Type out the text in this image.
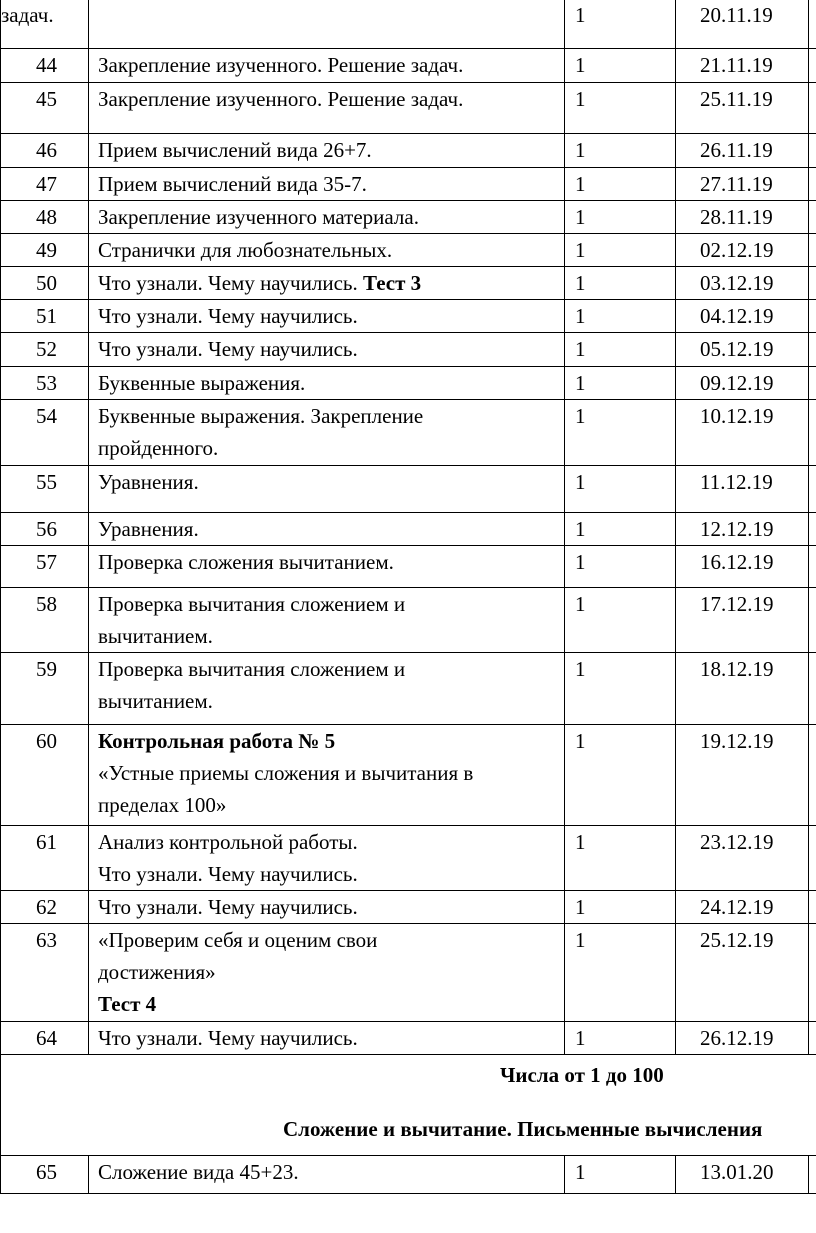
задач.		1	20.11.19	
44	Закрепление изученного. Решение задач.	1	21.11.19	
45	Закрепление изученного. Решение задач.	1	25.11.19	
46	Прием вычислений вида 26+7.	1	26.11.19	
47	Прием вычислений вида 35-7.	1	27.11.19	
48	Закрепление изученного материала.	1	28.11.19	
49	Странички для любознательных.	1	02.12.19	
50	Что узнали. Чему научились. Тест 3	1	03.12.19	
51	Что узнали. Чему научились.	1	04.12.19	
52	Что узнали. Чему научились.	1	05.12.19	
53	Буквенные выражения.	1	09.12.19	
54	Буквенные выражения. Закрепление
пройденного.	1	10.12.19	
55	Уравнения.	1	11.12.19	
56	Уравнения.	1	12.12.19	
57	Проверка сложения вычитанием.	1	16.12.19	
58	Проверка вычитания сложением и
вычитанием.	1	17.12.19	
59	Проверка вычитания сложением и
вычитанием.	1	18.12.19	
60	Контрольная работа № 5
«Устные приемы сложения и вычитания в
пределах 100»	1	19.12.19	
61	Анализ контрольной работы.
Что узнали. Чему научились.	1	23.12.19	
62	Что узнали. Чему научились.	1	24.12.19	
63	«Проверим себя и оценим свои
достижения»
Тест 4	1	25.12.19	
64	Что узнали. Чему научились.	1	26.12.19	

Числа от 1 до 100
Сложение и вычитание. Письменные вычисления				

65	Сложение вида 45+23.	1	13.01.20	
